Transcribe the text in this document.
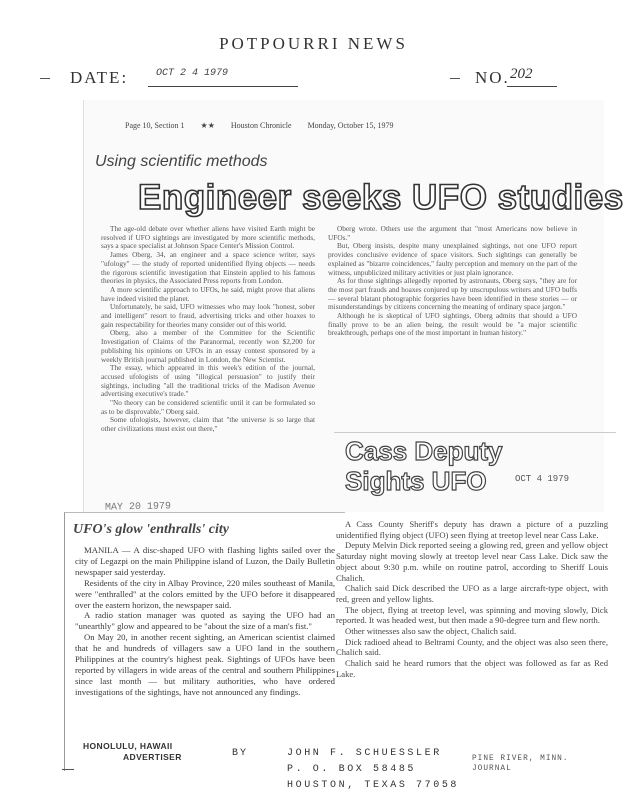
POTPOURRI NEWS
DATE:	OCT 2 4 1979	NO. 202
Page 10, Section 1 ★★ Houston Chronicle Monday, October 15, 1979
Using scientific methods
Engineer seeks UFO studies

The age-old debate over whether aliens have visited Earth might be resolved if UFO sightings are investigated by more scientific methods, says a space specialist at Johnson Space Center's Mission Control.

James Oberg, 34, an engineer and a space science writer, says "ufology" — the study of reported unidentified flying objects — needs the rigorous scientific investigation that Einstein applied to his famous theories in physics, the Associated Press reports from London.

A more scientific approach to UFOs, he said, might prove that aliens have indeed visited the planet.

Unfortunately, he said, UFO witnesses who may look "honest, sober and intelligent" resort to fraud, advertising tricks and other hoaxes to gain respectability for theories many consider out of this world.

Oberg, also a member of the Committee for the Scientific Investigation of Claims of the Paranormal, recently won $2,200 for publishing his opinions on UFOs in an essay contest sponsored by a weekly British journal published in London, the New Scientist.

The essay, which appeared in this week's edition of the journal, accused ufologists of using "illogical persuasion" to justify their sightings, including "all the traditional tricks of the Madison Avenue advertising executive's trade."

"No theory can be considered scientific until it can be formulated so as to be disprovable," Oberg said.

Some ufologists, however, claim that "the universe is so large that other civilizations must exist out there,"

Oberg wrote. Others use the argument that "most Americans now believe in UFOs."

But, Oberg insists, despite many unexplained sightings, not one UFO report provides conclusive evidence of space visitors. Such sightings can generally be explained as "bizarre coincidences," faulty perception and memory on the part of the witness, unpublicized military activities or just plain ignorance.

As for those sightings allegedly reported by astronauts, Oberg says, "they are for the most part frauds and hoaxes conjured up by unscrupulous writers and UFO buffs — several blatant photographic forgeries have been identified in these stories — or misunderstandings by citizens concerning the meaning of ordinary space jargon."

Although he is skeptical of UFO sightings, Oberg admits that should a UFO finally prove to be an alien being, the result would be "a major scientific breakthrough, perhaps one of the most important in human history."

MAY 20 1979
UFO's glow 'enthralls' city

MANILA — A disc-shaped UFO with flashing lights sailed over the city of Legazpi on the main Philippine island of Luzon, the Daily Bulletin newspaper said yesterday.

Residents of the city in Albay Province, 220 miles southeast of Manila, were "enthralled" at the colors emitted by the UFO before it disappeared over the eastern horizon, the newspaper said.

A radio station manager was quoted as saying the UFO had an "unearthly" glow and appeared to be "about the size of a man's fist."

On May 20, in another recent sighting, an American scientist claimed that he and hundreds of villagers saw a UFO land in the southern Philippines at the country's highest peak. Sightings of UFOs have been reported by villagers in wide areas of the central and southern Philippines since last month — but military authorities, who have ordered investigations of the sightings, have not announced any findings.

HONOLULU, HAWAII
ADVERTISER
Cass Deputy
Sights UFO	OCT 4 1979

A Cass County Sheriff's deputy has drawn a picture of a puzzling unidentified flying object (UFO) seen flying at treetop level near Cass Lake.

Deputy Melvin Dick reported seeing a glowing red, green and yellow object Saturday night moving slowly at treetop level near Cass Lake. Dick saw the object about 9:30 p.m. while on routine patrol, according to Sheriff Louis Chalich.

Chalich said Dick described the UFO as a large aircraft-type object, with red, green and yellow lights.

The object, flying at treetop level, was spinning and moving slowly, Dick reported. It was headed west, but then made a 90-degree turn and flew north.

Other witnesses also saw the object, Chalich said.

Dick radioed ahead to Beltrami County, and the object was also seen there, Chalich said.

Chalich said he heard rumors that the object was followed as far as Red Lake.

PINE RIVER, MINN.
JOURNAL
BY	JOHN F. SCHUESSLER
P. O. BOX 58485
HOUSTON, TEXAS 77058
